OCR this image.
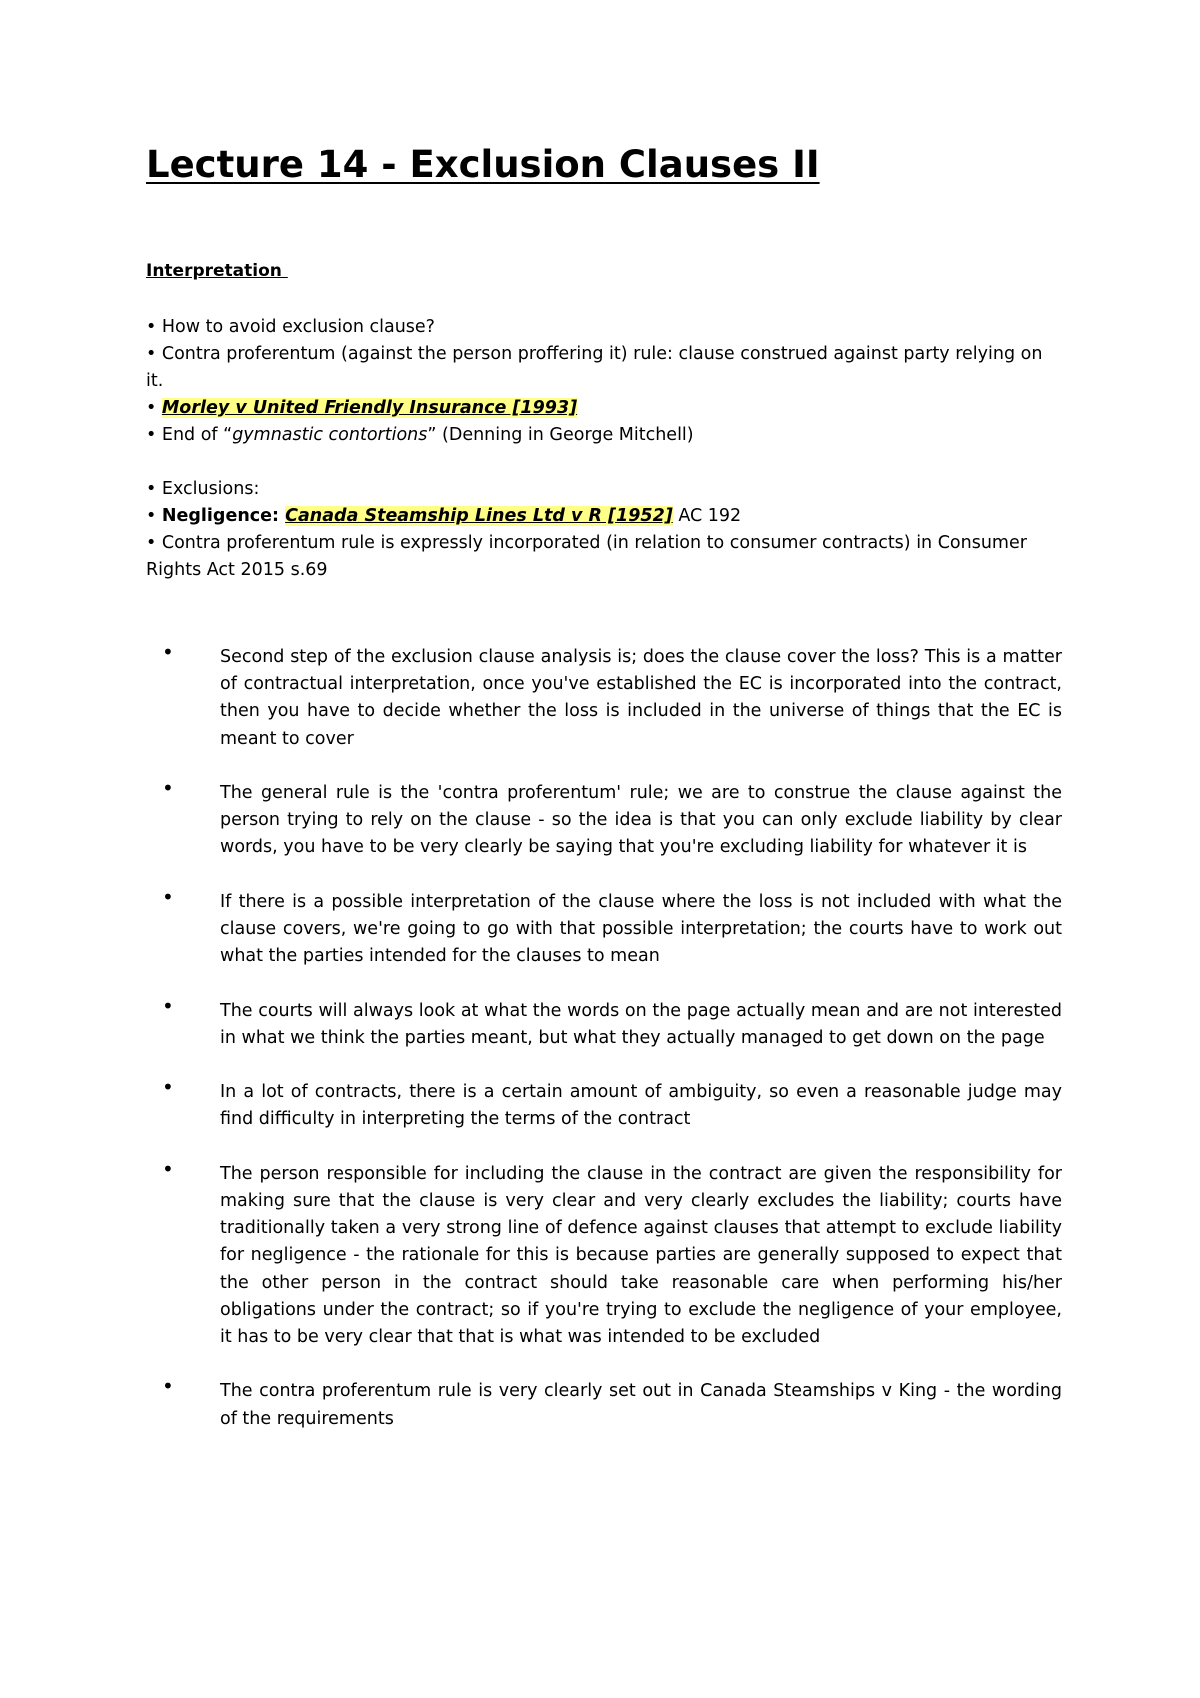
Lecture 14 - Exclusion Clauses II
Interpretation

• How to avoid exclusion clause?

• Contra proferentum (against the person proffering it) rule: clause construed against party relying on it.

• Morley v United Friendly Insurance [1993]

• End of “gymnastic contortions” (Denning in George Mitchell)

• Exclusions:

• Negligence: Canada Steamship Lines Ltd v R [1952] AC 192

• Contra proferentum rule is expressly incorporated (in relation to consumer contracts) in Consumer Rights Act 2015 s.69

•	Second step of the exclusion clause analysis is; does the clause cover the loss? This is a matter of contractual interpretation, once you've established the EC is incorporated into the contract, then you have to decide whether the loss is included in the universe of things that the EC is meant to cover
•	The general rule is the 'contra proferentum' rule; we are to construe the clause against the person trying to rely on the clause - so the idea is that you can only exclude liability by clear words, you have to be very clearly be saying that you're excluding liability for whatever it is
•	If there is a possible interpretation of the clause where the loss is not included with what the clause covers, we're going to go with that possible interpretation; the courts have to work out what the parties intended for the clauses to mean
•	The courts will always look at what the words on the page actually mean and are not interested in what we think the parties meant, but what they actually managed to get down on the page
•	In a lot of contracts, there is a certain amount of ambiguity, so even a reasonable judge may find difficulty in interpreting the terms of the contract
•	The person responsible for including the clause in the contract are given the responsibility for making sure that the clause is very clear and very clearly excludes the liability; courts have traditionally taken a very strong line of defence against clauses that attempt to exclude liability for negligence - the rationale for this is because parties are generally supposed to expect that the other person in the contract should take reasonable care when performing his/her obligations under the contract; so if you're trying to exclude the negligence of your employee, it has to be very clear that that is what was intended to be excluded
•	The contra proferentum rule is very clearly set out in Canada Steamships v King - the wording of the requirements
